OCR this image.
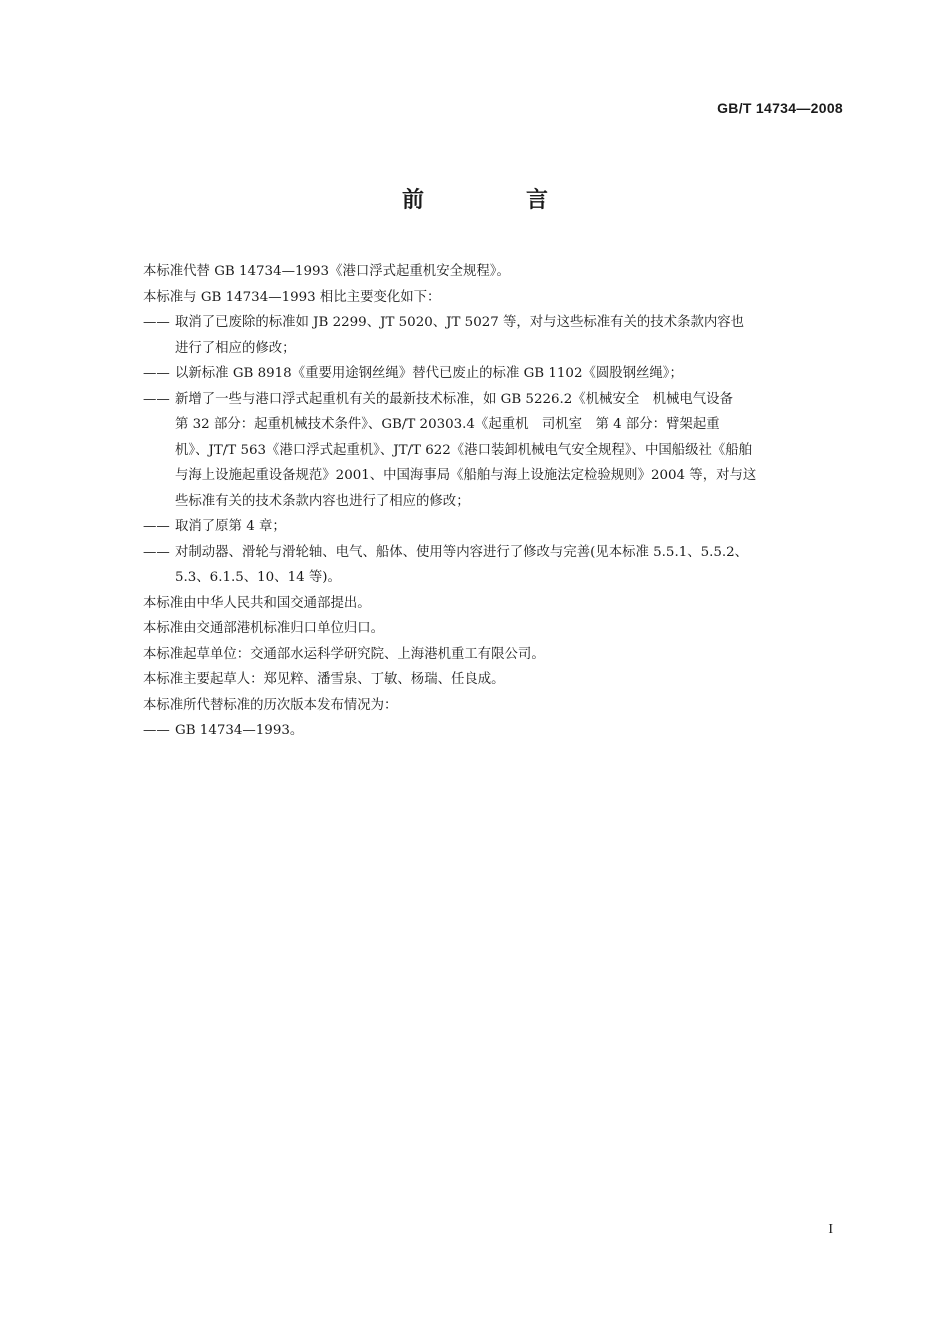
GB/T 14734—2008
前　言

本标准代替 GB 14734—1993《港口浮式起重机安全规程》。

本标准与 GB 14734—1993 相比主要变化如下：

—— 取消了已废除的标准如 JB 2299、JT 5020、JT 5027 等，对与这些标准有关的技术条款内容也
进行了相应的修改；
—— 以新标准 GB 8918《重要用途钢丝绳》替代已废止的标准 GB 1102《圆股钢丝绳》；
—— 新增了一些与港口浮式起重机有关的最新技术标准，如 GB 5226.2《机械安全　机械电气设备
第 32 部分：起重机械技术条件》、GB/T 20303.4《起重机　司机室　第 4 部分：臂架起重
机》、JT/T 563《港口浮式起重机》、JT/T 622《港口装卸机械电气安全规程》、中国船级社《船舶
与海上设施起重设备规范》2001、中国海事局《船舶与海上设施法定检验规则》2004 等，对与这
些标准有关的技术条款内容也进行了相应的修改；
—— 取消了原第 4 章；
—— 对制动器、滑轮与滑轮轴、电气、船体、使用等内容进行了修改与完善(见本标准 5.5.1、5.5.2、
5.3、6.1.5、10、14 等)。

本标准由中华人民共和国交通部提出。

本标准由交通部港机标准归口单位归口。

本标准起草单位：交通部水运科学研究院、上海港机重工有限公司。

本标准主要起草人：郑见粹、潘雪泉、丁敏、杨瑞、任良成。

本标准所代替标准的历次版本发布情况为：

—— GB 14734—1993。
I
